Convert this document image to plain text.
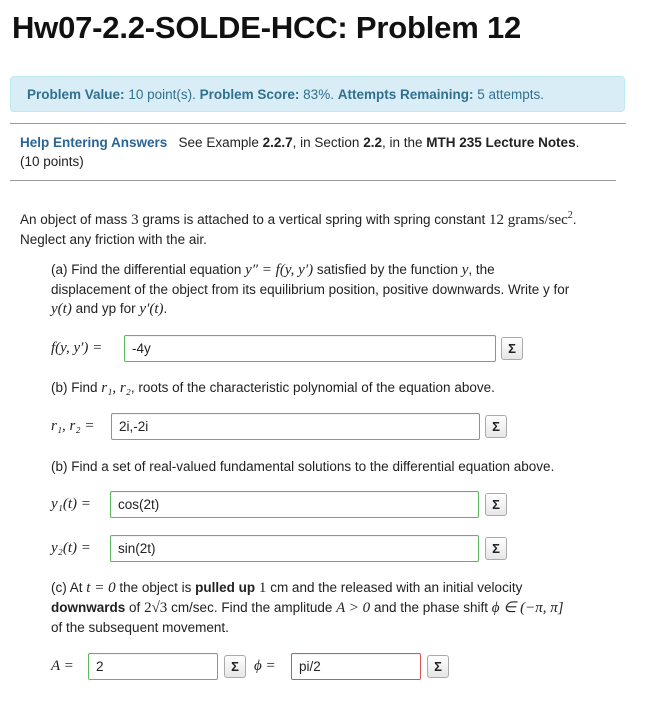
Hw07-2.2-SOLDE-HCC: Problem 12
Problem Value: 10 point(s). Problem Score: 83%. Attempts Remaining: 5 attempts.
Help Entering Answers See Example 2.2.7, in Section 2.2, in the MTH 235 Lecture Notes.
(10 points)
An object of mass 3 grams is attached to a vertical spring with spring constant 12 grams/$\sec^2$.
Neglect any friction with the air.
(a) Find the differential equation y″ = f(y, y′) satisfied by the function y, the
displacement of the object from its equilibrium position, positive downwards. Write y for
y(t) and yp for y′(t).
f(y, y′) =	-4y	Σ
(b) Find r₁, r₂, roots of the characteristic polynomial of the equation above.
r₁, r₂ =	2i,-2i	Σ
(b) Find a set of real-valued fundamental solutions to the differential equation above.
y₁(t) =	cos(2t)	Σ
y₂(t) =	sin(2t)	Σ
(c) At t = 0 the object is pulled up 1 cm and the released with an initial velocity
downwards of 2√3 cm/sec. Find the amplitude A > 0 and the phase shift ϕ ∈ (−π, π]
of the subsequent movement.
A =	2	Σ	ϕ =	pi/2	Σ
